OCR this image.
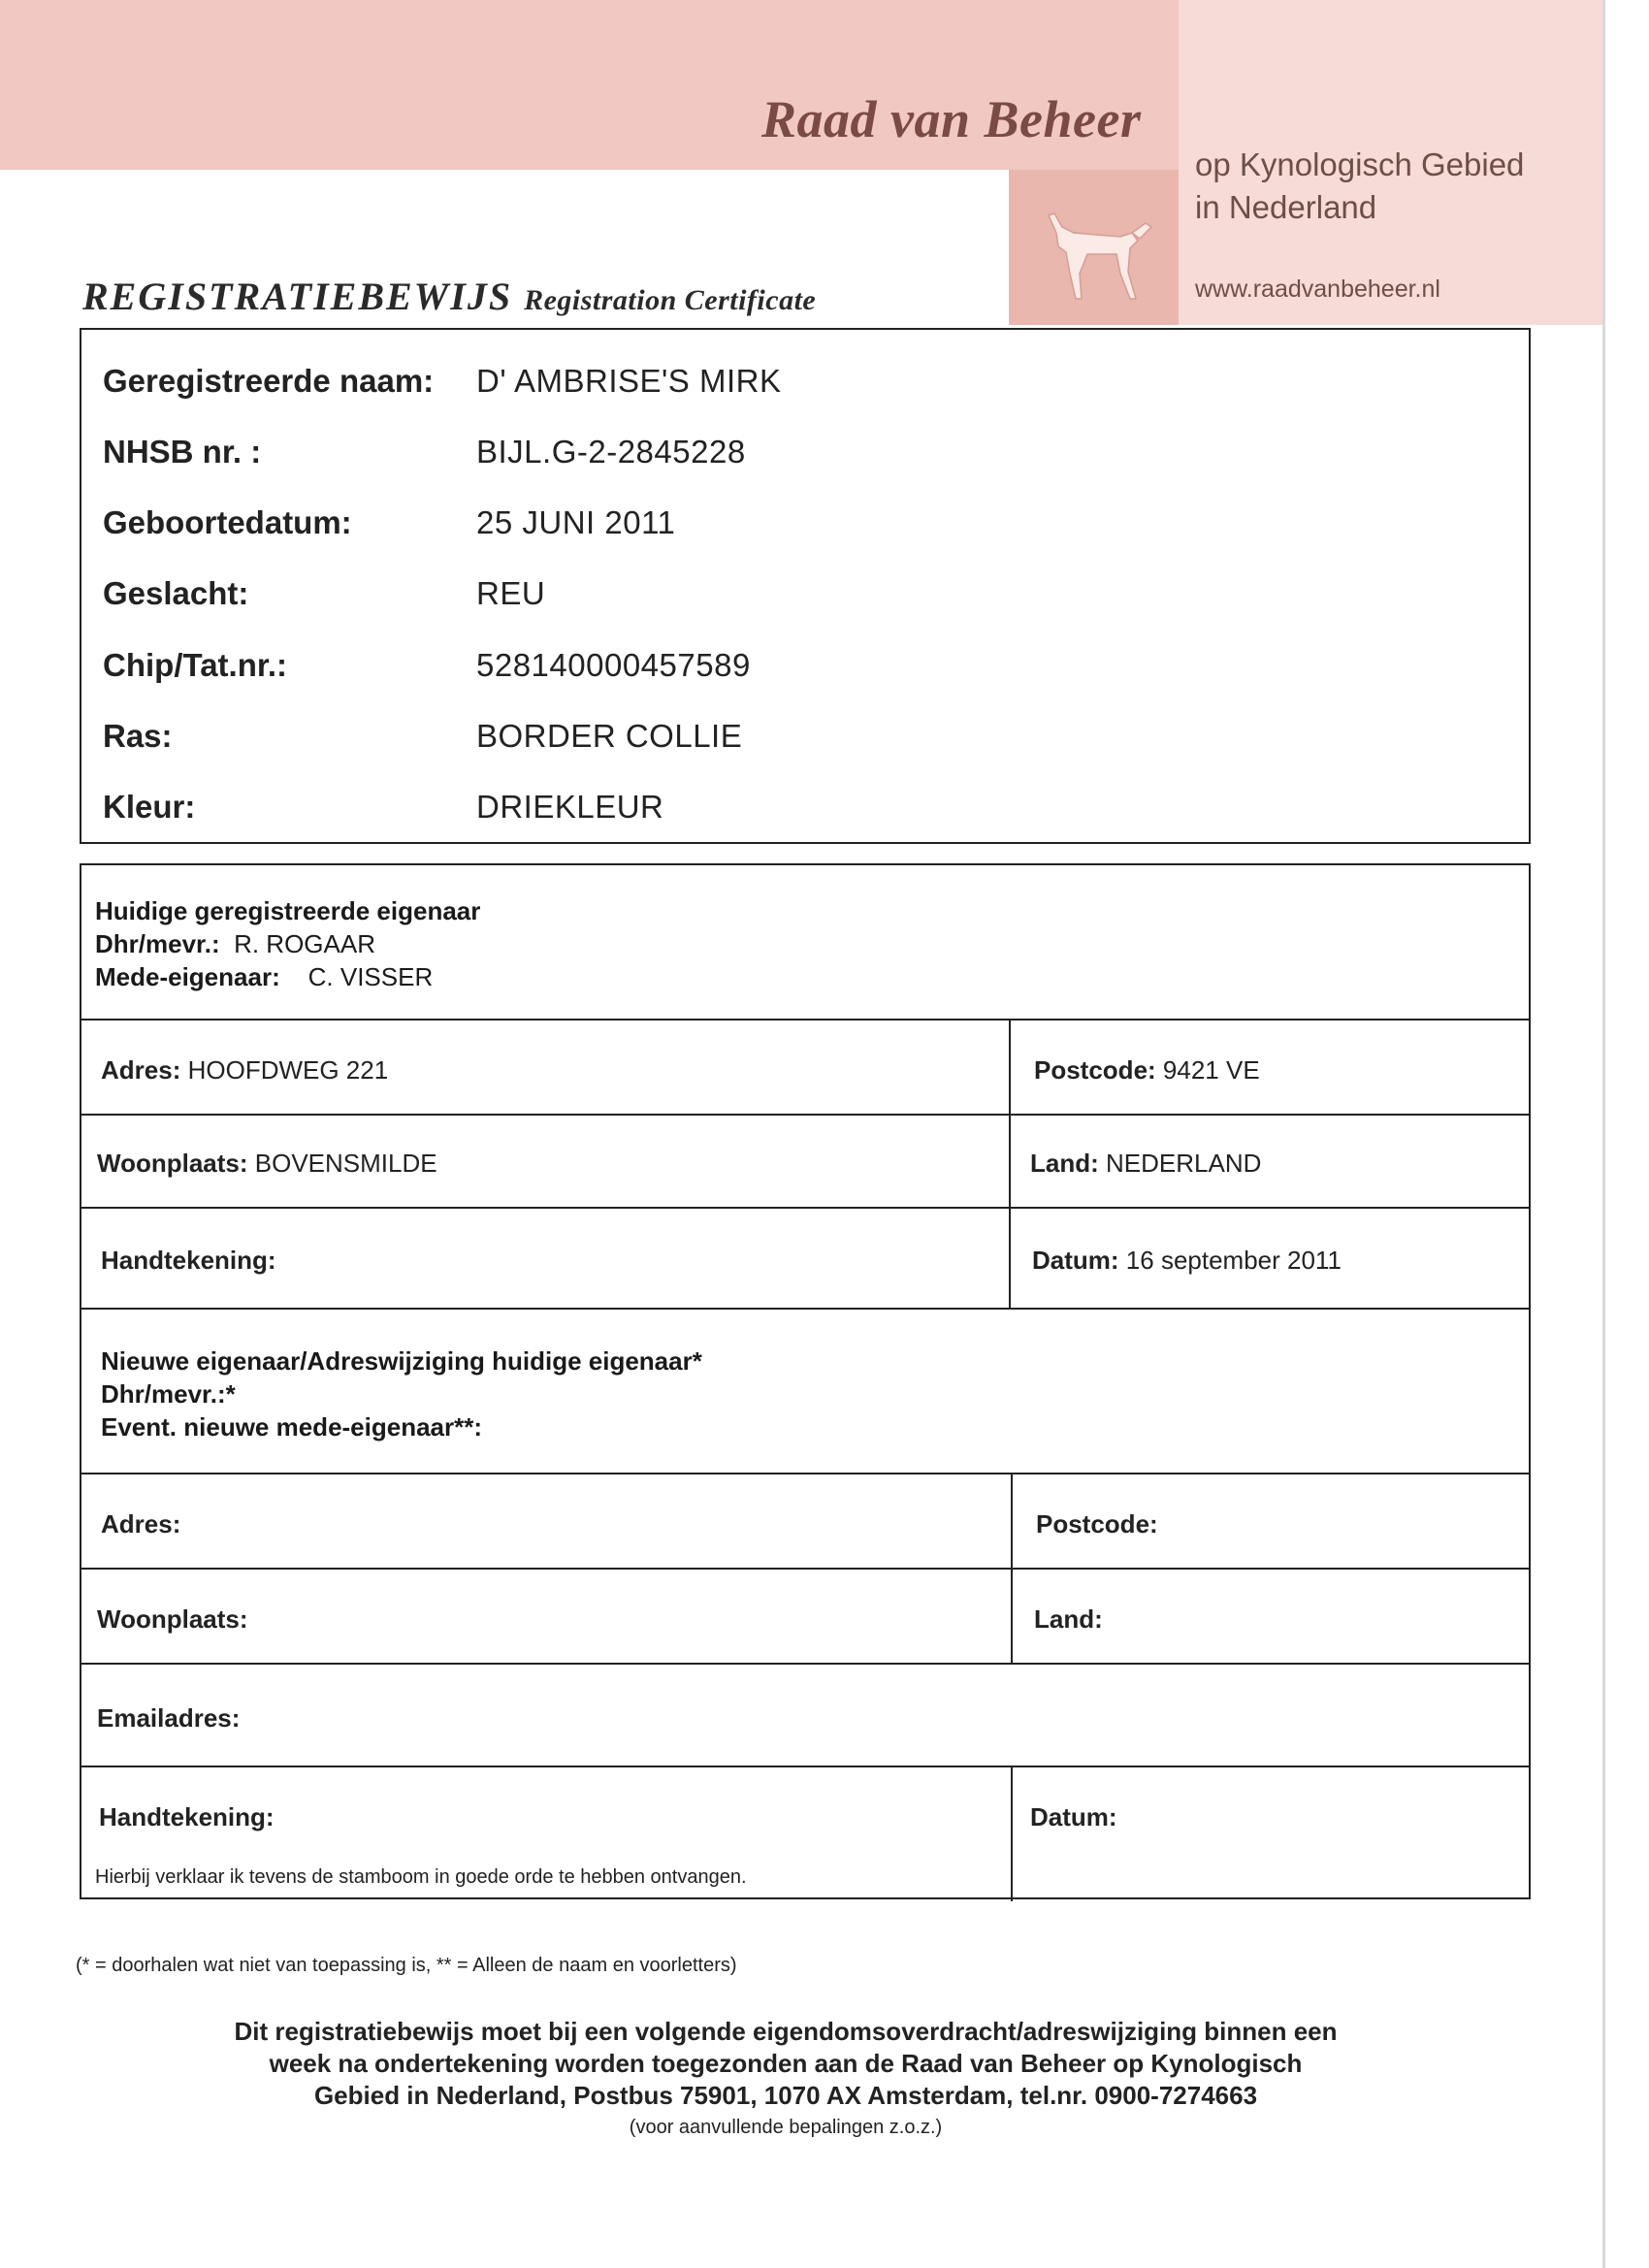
Raad van Beheer
op Kynologisch Gebied
in Nederland
www.raadvanbeheer.nl
REGISTRATIEBEWIJS Registration Certificate
Geregistreerde naam: D' AMBRISE'S MIRK
NHSB nr. :	BIJL.G-2-2845228
Geboortedatum:	25 JUNI 2011
Geslacht:	REU
Chip/Tat.nr.:	528140000457589
Ras:	BORDER COLLIE
Kleur:	DRIEKLEUR
Huidige geregistreerde eigenaar
Dhr/mevr.: R. ROGAAR
Mede-eigenaar: C. VISSER
Adres: HOOFDWEG 221	Postcode: 9421 VE
Woonplaats: BOVENSMILDE	Land: NEDERLAND
Handtekening:	Datum: 16 september 2011
Nieuwe eigenaar/Adreswijziging huidige eigenaar*
Dhr/mevr.:*
Event. nieuwe mede-eigenaar**:
Adres:	Postcode:
Woonplaats:	Land:
Emailadres:
Handtekening:	Datum:
Hierbij verklaar ik tevens de stamboom in goede orde te hebben ontvangen.
(* = doorhalen wat niet van toepassing is, ** = Alleen de naam en voorletters)
Dit registratiebewijs moet bij een volgende eigendomsoverdracht/adreswijziging binnen een
week na ondertekening worden toegezonden aan de Raad van Beheer op Kynologisch
Gebied in Nederland, Postbus 75901, 1070 AX Amsterdam, tel.nr. 0900-7274663
(voor aanvullende bepalingen z.o.z.)
